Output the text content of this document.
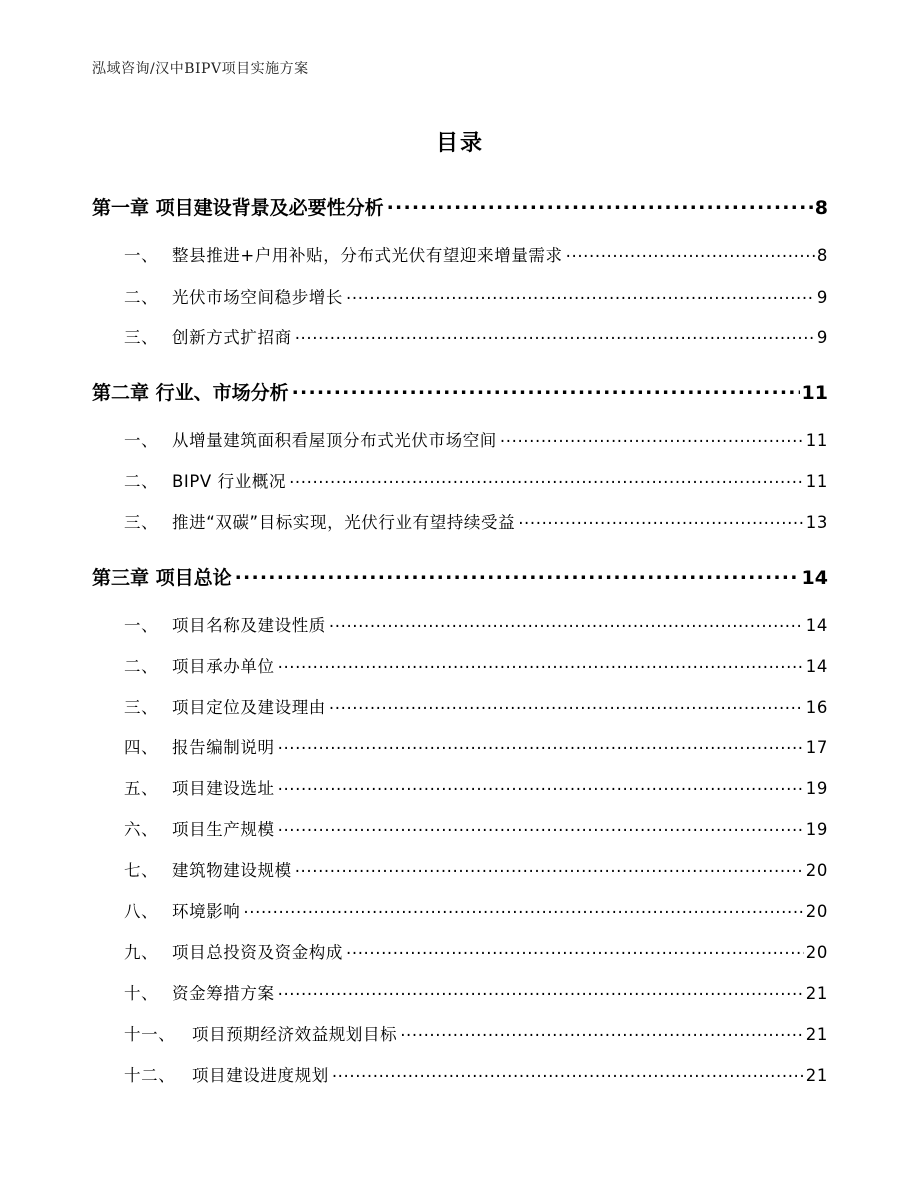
泓域咨询/汉中BIPV项目实施方案
目录
第一章 项目建设背景及必要性分析 .....	8
一、 整县推进+户用补贴，分布式光伏有望迎来增量需求 .....	8
二、 光伏市场空间稳步增长 .....	9
三、 创新方式扩招商 .....	9
第二章 行业、市场分析 .....	11
一、 从增量建筑面积看屋顶分布式光伏市场空间 .....	11
二、 BIPV 行业概况 .....	11
三、 推进“双碳”目标实现，光伏行业有望持续受益 .....	13
第三章 项目总论 .....	14
一、 项目名称及建设性质 .....	14
二、 项目承办单位 .....	14
三、 项目定位及建设理由 .....	16
四、 报告编制说明 .....	17
五、 项目建设选址 .....	19
六、 项目生产规模 .....	19
七、 建筑物建设规模 .....	20
八、 环境影响 .....	20
九、 项目总投资及资金构成 .....	20
十、 资金筹措方案 .....	21
十一、	项目预期经济效益规划目标 .....	21
十二、	项目建设进度规划 .....	21
